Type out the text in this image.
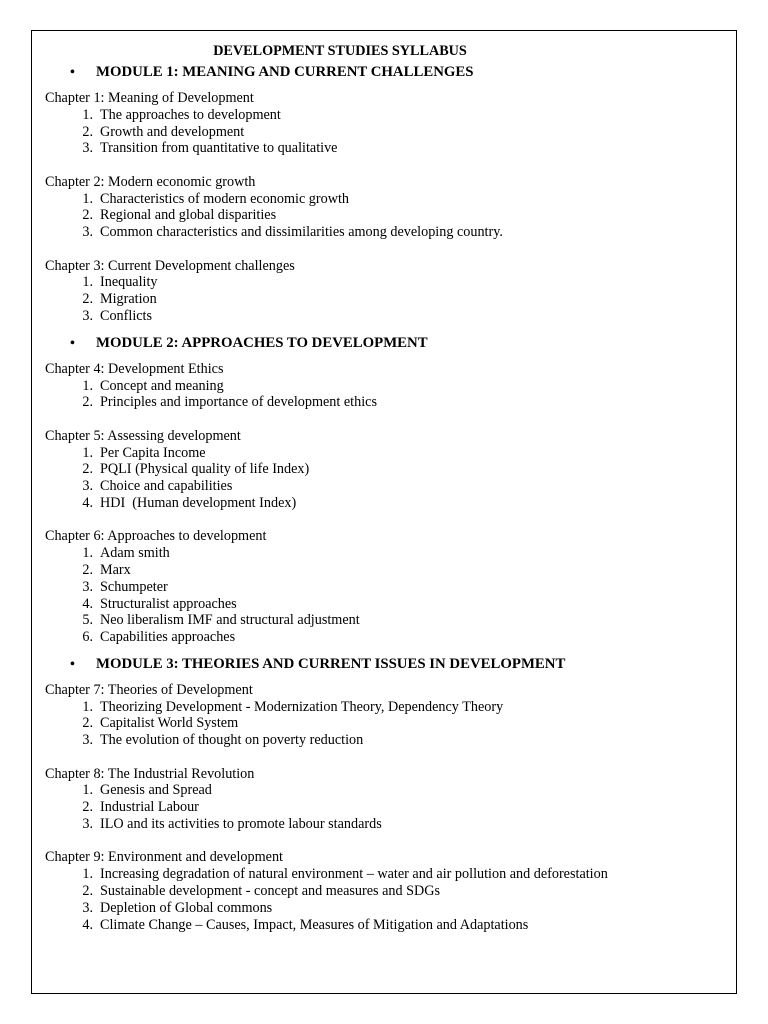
DEVELOPMENT STUDIES SYLLABUS
•	MODULE 1: MEANING AND CURRENT CHALLENGES
Chapter 1: Meaning of Development
1. The approaches to development
2. Growth and development
3. Transition from quantitative to qualitative
Chapter 2: Modern economic growth
1. Characteristics of modern economic growth
2. Regional and global disparities
3. Common characteristics and dissimilarities among developing country.
Chapter 3: Current Development challenges
1. Inequality
2. Migration
3. Conflicts
•	MODULE 2: APPROACHES TO DEVELOPMENT
Chapter 4: Development Ethics
1. Concept and meaning
2. Principles and importance of development ethics
Chapter 5: Assessing development
1. Per Capita Income
2. PQLI (Physical quality of life Index)
3. Choice and capabilities
4. HDI  (Human development Index)
Chapter 6: Approaches to development
1. Adam smith
2. Marx
3. Schumpeter
4. Structuralist approaches
5. Neo liberalism IMF and structural adjustment
6. Capabilities approaches
•	MODULE 3: THEORIES AND CURRENT ISSUES IN DEVELOPMENT
Chapter 7: Theories of Development
1. Theorizing Development - Modernization Theory, Dependency Theory
2. Capitalist World System
3. The evolution of thought on poverty reduction
Chapter 8: The Industrial Revolution
1. Genesis and Spread
2. Industrial Labour
3. ILO and its activities to promote labour standards
Chapter 9: Environment and development
1. Increasing degradation of natural environment – water and air pollution and deforestation
2. Sustainable development - concept and measures and SDGs
3. Depletion of Global commons
4. Climate Change – Causes, Impact, Measures of Mitigation and Adaptations
